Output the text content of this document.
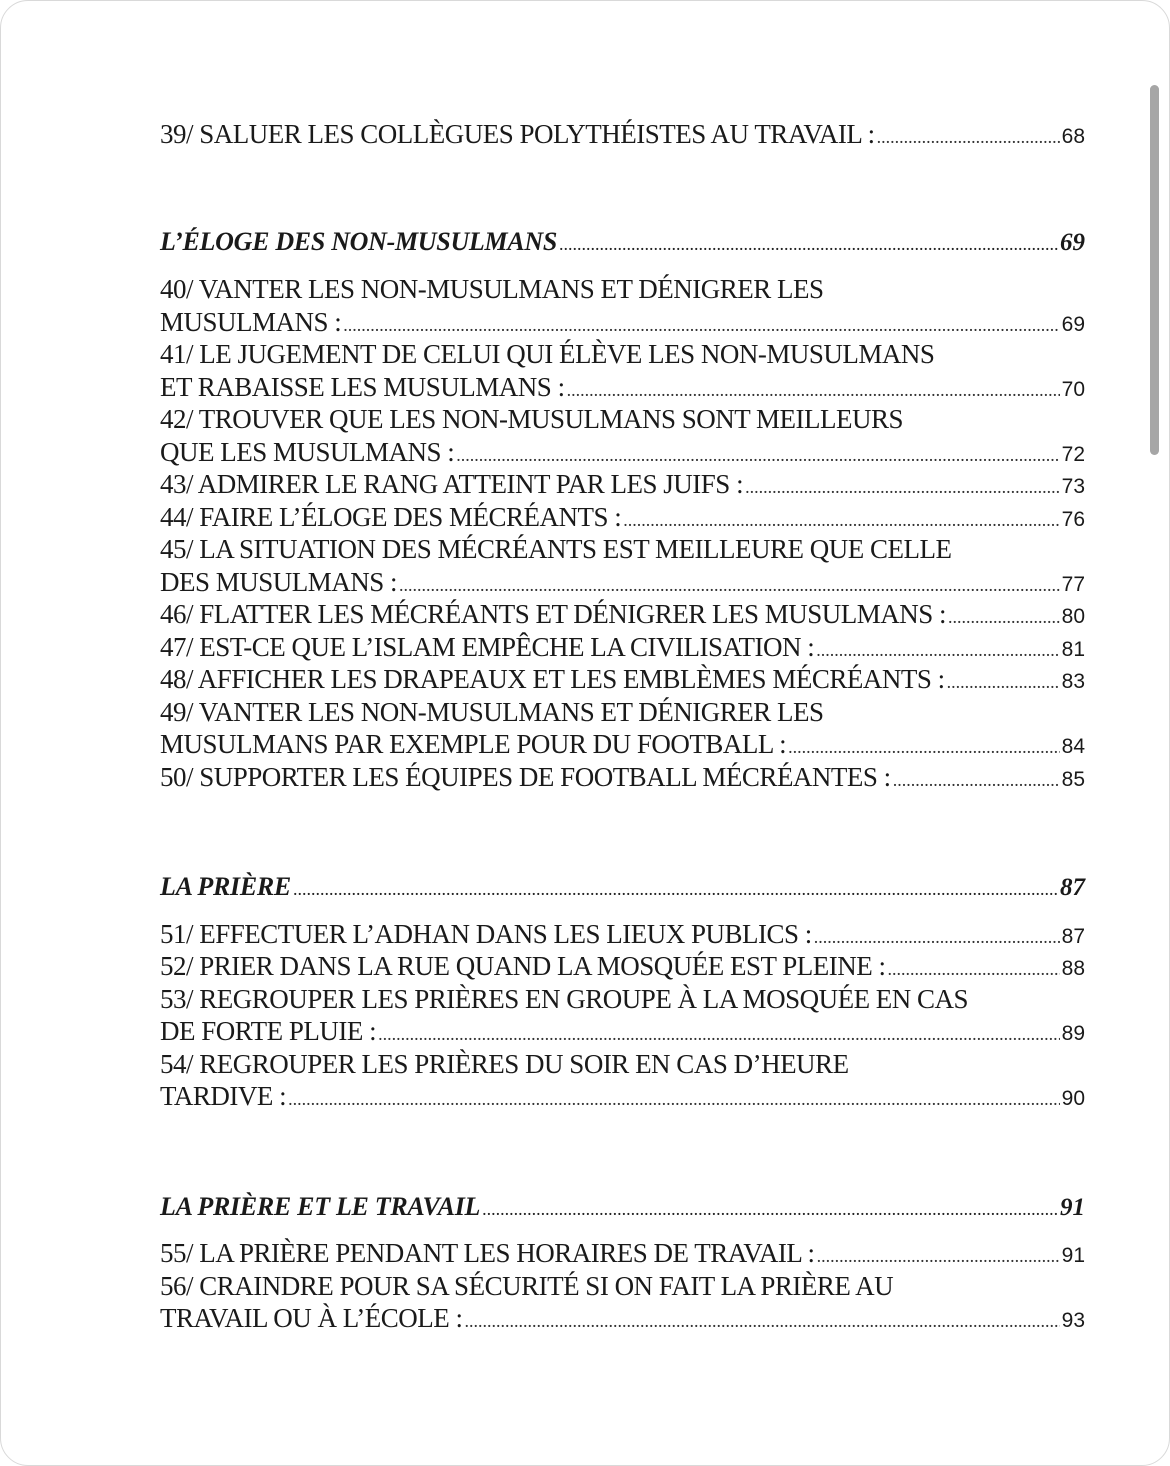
39/ SALUER LES COLLÈGUES POLYTHÉISTES AU TRAVAIL : .....	68
L’ÉLOGE DES NON-MUSULMANS .....	69
40/ VANTER LES NON-MUSULMANS ET DÉNIGRER LES
MUSULMANS : .....	69
41/ LE JUGEMENT DE CELUI QUI ÉLÈVE LES NON-MUSULMANS
ET RABAISSE LES MUSULMANS : .....	70
42/ TROUVER QUE LES NON-MUSULMANS SONT MEILLEURS
QUE LES MUSULMANS : .....	72
43/ ADMIRER LE RANG ATTEINT PAR LES JUIFS : .....	73
44/ FAIRE L’ÉLOGE DES MÉCRÉANTS : .....	76
45/ LA SITUATION DES MÉCRÉANTS EST MEILLEURE QUE CELLE
DES MUSULMANS : .....	77
46/ FLATTER LES MÉCRÉANTS ET DÉNIGRER LES MUSULMANS : .....	80
47/ EST-CE QUE L’ISLAM EMPÊCHE LA CIVILISATION : .....	81
48/ AFFICHER LES DRAPEAUX ET LES EMBLÈMES MÉCRÉANTS : .....	83
49/ VANTER LES NON-MUSULMANS ET DÉNIGRER LES
MUSULMANS PAR EXEMPLE POUR DU FOOTBALL : .....	84
50/ SUPPORTER LES ÉQUIPES DE FOOTBALL MÉCRÉANTES : .....	85
LA PRIÈRE .....	87
51/ EFFECTUER L’ADHAN DANS LES LIEUX PUBLICS : .....	87
52/ PRIER DANS LA RUE QUAND LA MOSQUÉE EST PLEINE : .....	88
53/ REGROUPER LES PRIÈRES EN GROUPE À LA MOSQUÉE EN CAS
DE FORTE PLUIE : .....	89
54/ REGROUPER LES PRIÈRES DU SOIR EN CAS D’HEURE
TARDIVE : .....	90
LA PRIÈRE ET LE TRAVAIL .....	91
55/ LA PRIÈRE PENDANT LES HORAIRES DE TRAVAIL : .....	91
56/ CRAINDRE POUR SA SÉCURITÉ SI ON FAIT LA PRIÈRE AU
TRAVAIL OU À L’ÉCOLE : .....	93
